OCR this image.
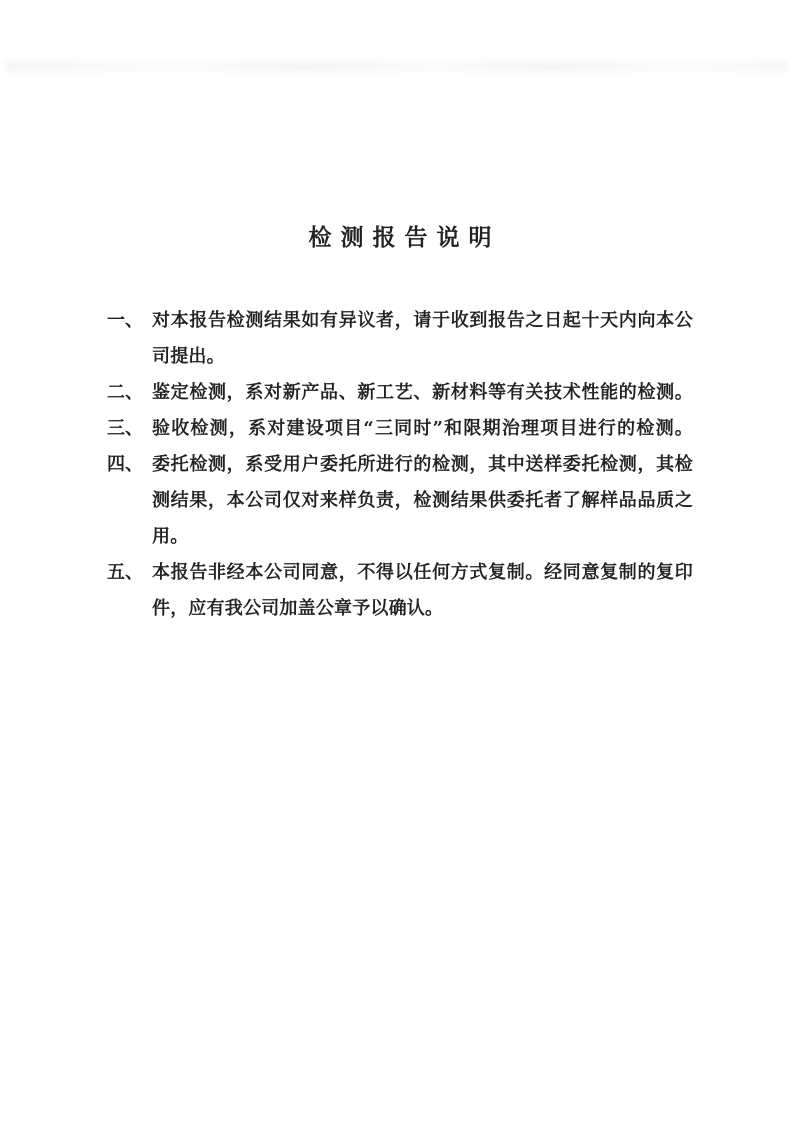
检测报告说明
一、 对本报告检测结果如有异议者，请于收到报告之日起十天内向本公
司提出。
二、 鉴定检测，系对新产品、新工艺、新材料等有关技术性能的检测。
三、 验收检测，系对建设项目“三同时”和限期治理项目进行的检测。
四、 委托检测，系受用户委托所进行的检测，其中送样委托检测，其检
测结果，本公司仅对来样负责，检测结果供委托者了解样品品质之
用。
五、 本报告非经本公司同意，不得以任何方式复制。经同意复制的复印
件，应有我公司加盖公章予以确认。
